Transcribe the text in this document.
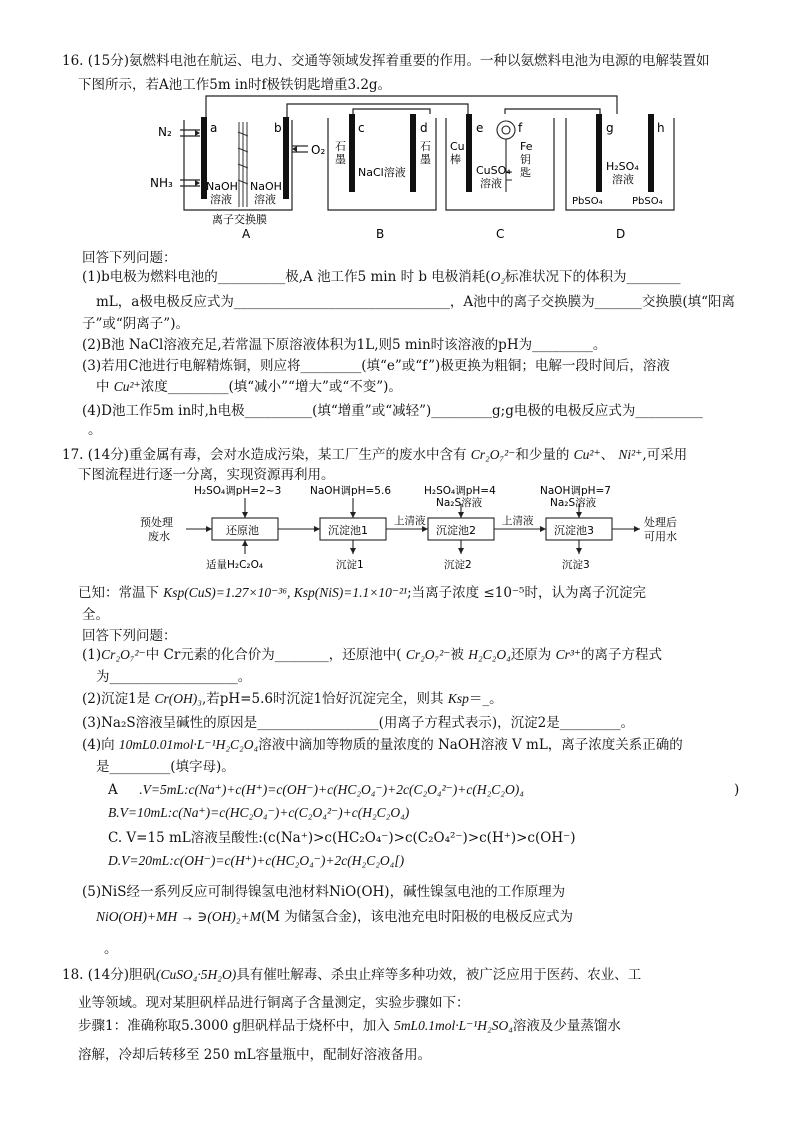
16. (15分)氨燃料电池在航运、电力、交通等领域发挥着重要的作用。一种以氨燃料电池为电源的电解装置如
下图所示，若A池工作5m in时f极铁钥匙增重3.2g。
N₂
NH₃
O₂
a	b	c	d	e	f	g	h
NaOH
溶液
NaOH
溶液
离子交换膜
石
墨
石
墨
NaCl溶液
Cu
棒
CuSO₄
溶液
Fe
钥
匙	H₂SO₄
溶液
PbSO₄	PbSO₄
A	B	C	D
回答下列问题：
(1)b电极为燃料电池的__________极,A 池工作5 min 时 b 电极消耗(O₂标准状况下的体积为________
mL，a极电极反应式为________________________________，A池中的离子交换膜为_______交换膜(填“阳离
子”或“阴离子”)。
(2)B池 NaCl溶液充足,若常温下原溶液体积为1L,则5 min时该溶液的pH为_________。
(3)若用C池进行电解精炼铜，则应将_________(填“e”或“f”)极更换为粗铜；电解一段时间后，溶液
中 Cu²⁺浓度_________(填“减小”“增大”或“不变”)。
(4)D池工作5m in时,h电极__________(填“增重”或“减轻”)_________g;g电极的电极反应式为__________
。
17. (14分)重金属有毒，会对水造成污染，某工厂生产的废水中含有 Cr₂O₇²⁻和少量的 Cu²⁺、 Ni²⁺,可采用
下图流程进行逐一分离，实现资源再利用。
预处理
废水	还原池	沉淀池1	沉淀池2	沉淀池3
H₂SO₄调pH=2~3	NaOH调pH=5.6	H₂SO₄调pH=4
Na₂S溶液
NaOH调pH=7
Na₂S溶液
上清液	上清液	处理后
可用水
适量H₂C₂O₄	沉淀1	沉淀2	沉淀3
已知：常温下 Ksp(CuS)=1.27×10⁻³⁶, Ksp(NiS)=1.1×10⁻²¹;当离子浓度 ≤10⁻⁵时，认为离子沉淀完
全。
回答下列问题：
(1)Cr₂O₇²⁻中 Cr元素的化合价为________，还原池中( Cr₂O₇²⁻被 H₂C₂O₄还原为 Cr³⁺的离子方程式
为___________________。
(2)沉淀1是 Cr(OH)₃,若pH=5.6时沉淀1恰好沉淀完全，则其 Ksp＝_。
(3)Na₂S溶液呈碱性的原因是__________________(用离子方程式表示)，沉淀2是_________。
(4)向 10mL0.01mol·L⁻¹H₂C₂O₄溶液中滴加等物质的量浓度的 NaOH溶液 V mL，离子浓度关系正确的
是_________(填字母)。
A .V=5mL:c(Na⁺)+c(H⁺)=c(OH⁻)+c(HC₂O₄⁻)+2c(C₂O₄²⁻)+c(H₂C₂O)₄	)
B.V=10mL:c(Na⁺)=c(HC₂O₄⁻)+c(C₂O₄²⁻)+c(H₂C₂O₄)
C. V=15 mL溶液呈酸性:(c(Na⁺)>c(HC₂O₄⁻)>c(C₂O₄²⁻)>c(H⁺)>c(OH⁻)
D.V=20mL:c(OH⁻)=c(H⁺)+c(HC₂O₄⁻)+2c(H₂C₂O₄[)
(5)NiS经一系列反应可制得镍氢电池材料NiO(OH)，碱性镍氢电池的工作原理为
NiO(OH)+MH → ∋(OH)₂+M(M 为储氢合金)，该电池充电时阳极的电极反应式为
。
18. (14分)胆矾(CuSO₄·5H₂O)具有催吐解毒、杀虫止痒等多种功效，被广泛应用于医药、农业、工
业等领域。现对某胆矾样品进行铜离子含量测定，实验步骤如下：
步骤1：准确称取5.3000 g胆矾样品于烧杯中，加入 5mL0.1mol·L⁻¹H₂SO₄溶液及少量蒸馏水
溶解，冷却后转移至 250 mL容量瓶中，配制好溶液备用。
